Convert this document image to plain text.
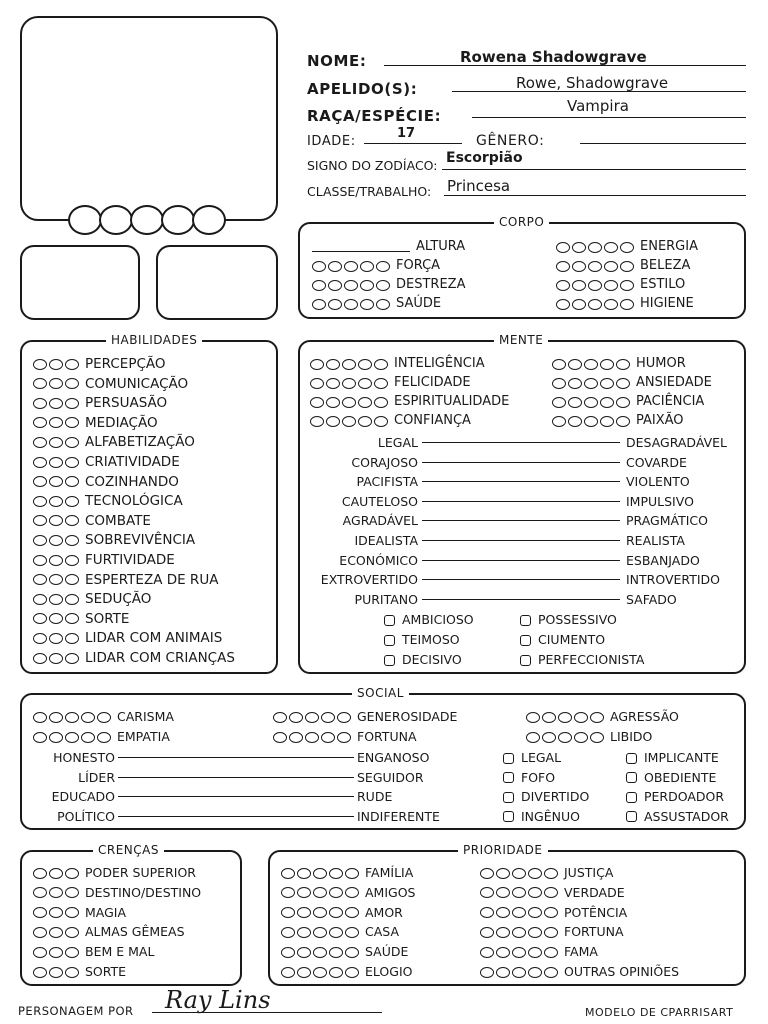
NOME:	Rowena Shadowgrave
APELIDO(S):	Rowe, Shadowgrave
RAÇA/ESPÉCIE:
Vampira
IDADE:
17	GÊNERO:
SIGNO DO ZODÍACO: Escorpião
CLASSE/TRABALHO: Princesa
CORPO
ALTURA
FORÇA
DESTREZA
SAÚDE
ENERGIA
BELEZA
ESTILO
HIGIENE
HABILIDADES
PERCEPÇÃO
COMUNICAÇÃO
PERSUASÃO
MEDIAÇÃO
ALFABETIZAÇÃO
CRIATIVIDADE
COZINHANDO
TECNOLÓGICA
COMBATE
SOBREVIVÊNCIA
FURTIVIDADE
ESPERTEZA DE RUA
SEDUÇÃO
SORTE
LIDAR COM ANIMAIS
LIDAR COM CRIANÇAS
MENTE
INTELIGÊNCIA
FELICIDADE
ESPIRITUALIDADE
CONFIANÇA
HUMOR
ANSIEDADE
PACIÊNCIA
PAIXÃO
LEGAL	DESAGRADÁVEL
CORAJOSO	COVARDE
PACIFISTA	VIOLENTO
CAUTELOSO	IMPULSIVO
AGRADÁVEL	PRAGMÁTICO
IDEALISTA	REALISTA
ECONÓMICO	ESBANJADO
EXTROVERTIDO	INTROVERTIDO
PURITANO	SAFADO
AMBICIOSO
TEIMOSO
DECISIVO
POSSESSIVO
CIUMENTO
PERFECCIONISTA
SOCIAL
CARISMA
EMPATIA
GENEROSIDADE
FORTUNA
AGRESSÃO
LIBIDO
HONESTO	ENGANOSO
LÍDER	SEGUIDOR
EDUCADO	RUDE
POLÍTICO	INDIFERENTE
LEGAL
FOFO
DIVERTIDO
INGÊNUO
IMPLICANTE
OBEDIENTE
PERDOADOR
ASSUSTADOR
CRENÇAS
PODER SUPERIOR
DESTINO/DESTINO
MAGIA
ALMAS GÊMEAS
BEM E MAL
SORTE
PRIORIDADE
FAMÍLIA
AMIGOS
AMOR
CASA
SAÚDE
ELOGIO
JUSTIÇA
VERDADE
POTÊNCIA
FORTUNA
FAMA
OUTRAS OPINIÕES
PERSONAGEM POR Ray Lins	MODELO DE CPARRISART
